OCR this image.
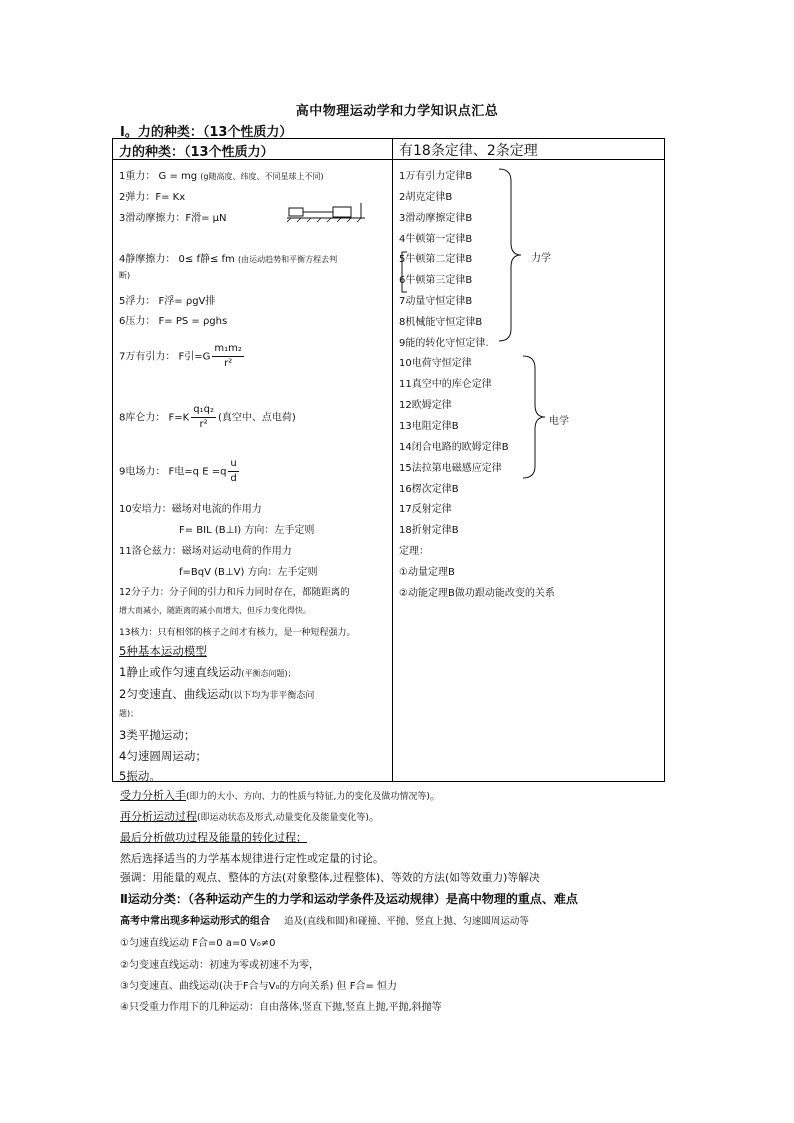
高中物理运动学和力学知识点汇总
Ⅰ。力的种类：（13个性质力）
力的种类：（13个性质力）	有18条定律、2条定理
1重力： G = mg (g随高度、纬度、不同星球上不同)
2弹力：F= Kx
3滑动摩擦力：F滑= μN
4静摩擦力： 0≤ f静≤ fm (由运动趋势和平衡方程去判
断)
5浮力： F浮= ρgV排
6压力： F= PS = ρghs
7万有引力： F引$=G \frac{\text{m₁m₂}}{\text{r²}}$
8库仑力： $F=K \frac{\text{q₁q₂}}{\text{r²}}$ (真空中、点电荷)
9电场力： F电=q $E =q \frac{u}{d}$
10安培力：磁场对电流的作用力
F= BIL (B⊥I) 方向：左手定则
11洛仑兹力：磁场对运动电荷的作用力
f=BqV (B⊥V) 方向：左手定则
12分子力：分子间的引力和斥力同时存在，都随距离的
增大而减小，随距离的减小而增大，但斥力变化得快。
13核力：只有相邻的核子之间才有核力，是一种短程强力。
5种基本运动模型
1静止或作匀速直线运动(平衡态问题)；
2匀变速直、曲线运动(以下均为非平衡态问
题)；
3类平抛运动；
4匀速圆周运动；
5振动。
1万有引力定律B
2胡克定律B
3滑动摩擦定律B
4牛顿第一定律B
5牛顿第二定律B
6牛顿第三定律B
7动量守恒定律B
8机械能守恒定律B
9能的转化守恒定律.
10电荷守恒定律
11真空中的库仑定律
12欧姆定律
13电阻定律B
14闭合电路的欧姆定律B
15法拉第电磁感应定律
16楞次定律B
17反射定律
18折射定律B
定理：
①动量定理B
②动能定理B做功跟动能改变的关系
力学
电学
受力分析入手(即力的大小、方向、力的性质与特征,力的变化及做功情况等)。
再分析运动过程(即运动状态及形式,动量变化及能量变化等)。
最后分析做功过程及能量的转化过程；
然后选择适当的力学基本规律进行定性或定量的讨论。
强调：用能量的观点、整体的方法(对象整体,过程整体)、等效的方法(如等效重力)等解决
Ⅱ运动分类：（各种运动产生的力学和运动学条件及运动规律）是高中物理的重点、难点
高考中常出现多种运动形式的组合 追及(直线和圆)和碰撞、平抛、竖直上抛、匀速圆周运动等
①匀速直线运动 F合=0 a=0 V₀≠0
②匀变速直线运动：初速为零或初速不为零，
③匀变速直、曲线运动(决于F合与V₀的方向关系) 但 F合= 恒力
④只受重力作用下的几种运动：自由落体,竖直下抛,竖直上抛,平抛,斜抛等
